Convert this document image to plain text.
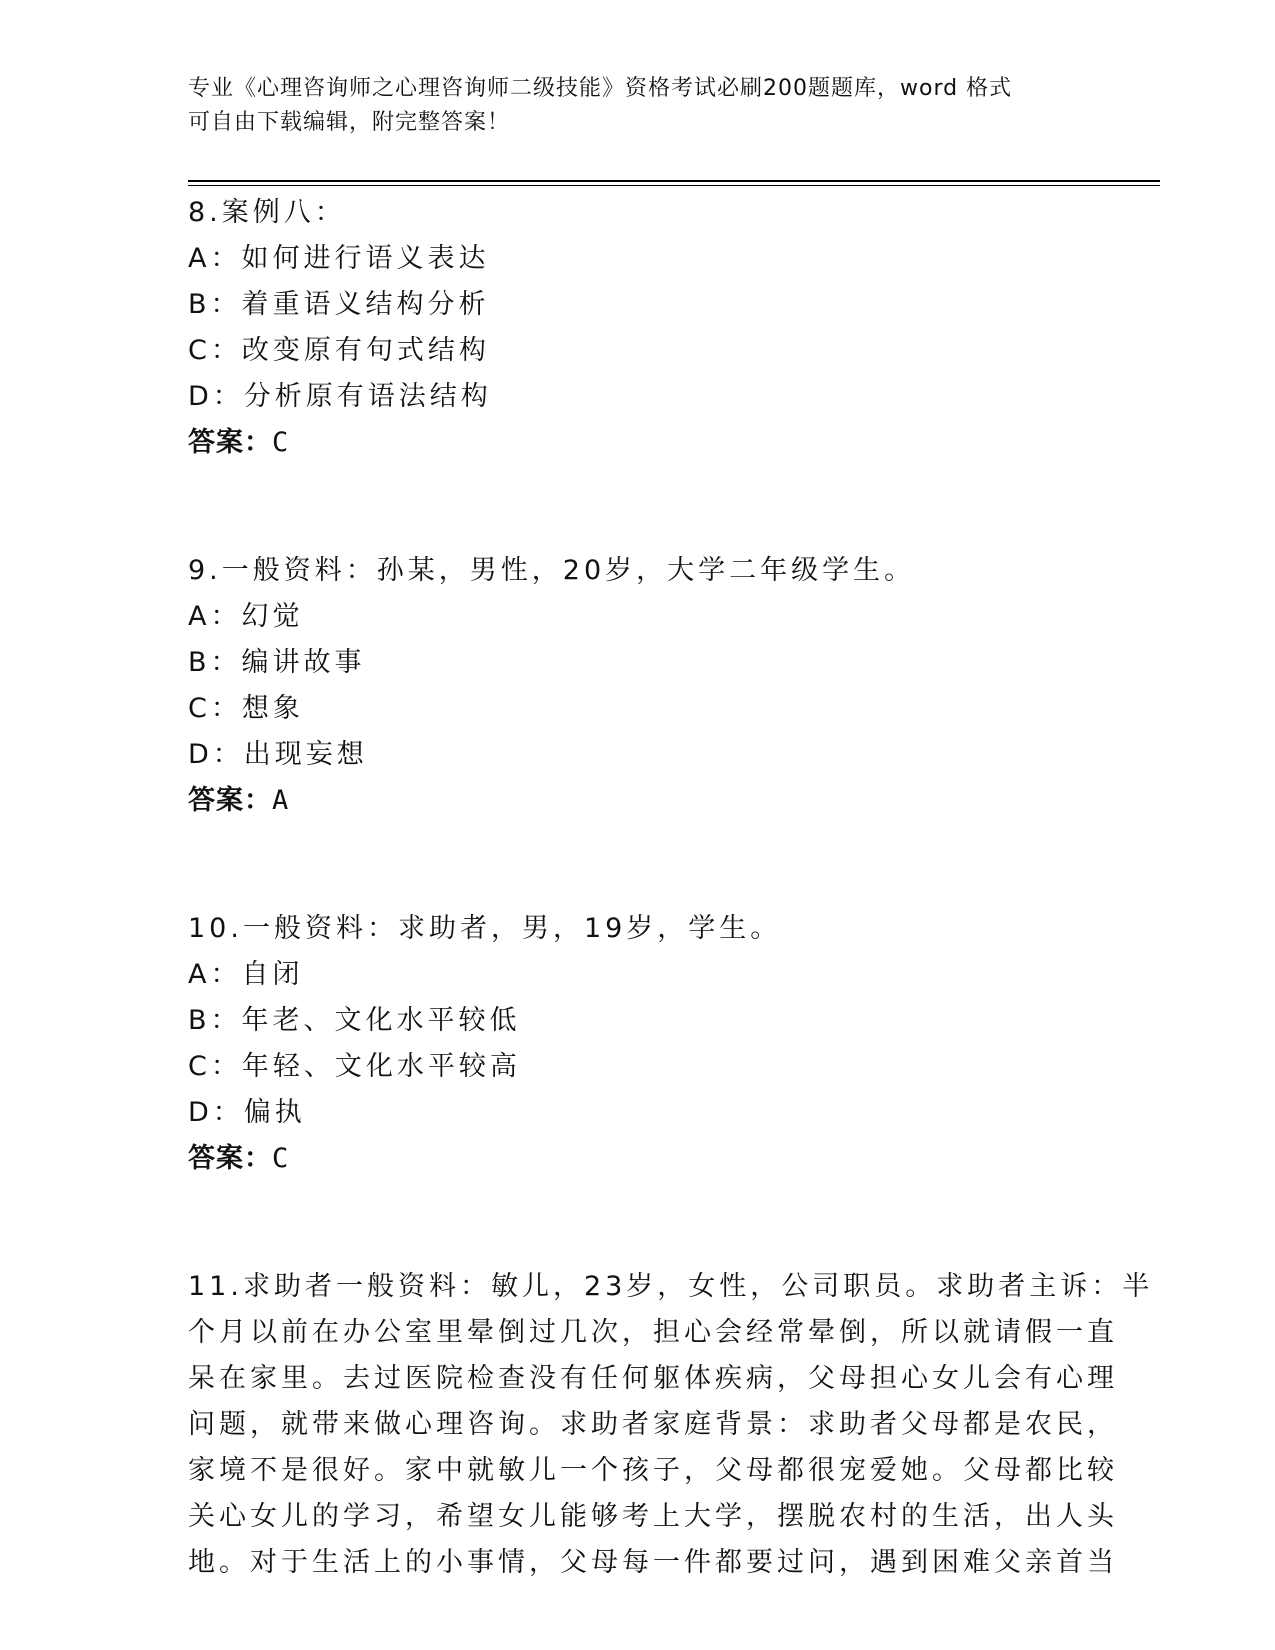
专业《心理咨询师之心理咨询师二级技能》资格考试必刷200题题库，word 格式
可自由下载编辑，附完整答案！
8.案例八：
A：如何进行语义表达
B：着重语义结构分析
C：改变原有句式结构
D：分析原有语法结构
答案：C
9.一般资料：孙某，男性，20岁，大学二年级学生。
A：幻觉
B：编讲故事
C：想象
D：出现妄想
答案：A
10.一般资料：求助者，男，19岁，学生。
A：自闭
B：年老、文化水平较低
C：年轻、文化水平较高
D：偏执
答案：C
11.求助者一般资料：敏儿，23岁，女性，公司职员。求助者主诉：半
个月以前在办公室里晕倒过几次，担心会经常晕倒，所以就请假一直
呆在家里。去过医院检查没有任何躯体疾病，父母担心女儿会有心理
问题，就带来做心理咨询。求助者家庭背景：求助者父母都是农民，
家境不是很好。家中就敏儿一个孩子，父母都很宠爱她。父母都比较
关心女儿的学习，希望女儿能够考上大学，摆脱农村的生活，出人头
地。对于生活上的小事情，父母每一件都要过问，遇到困难父亲首当
